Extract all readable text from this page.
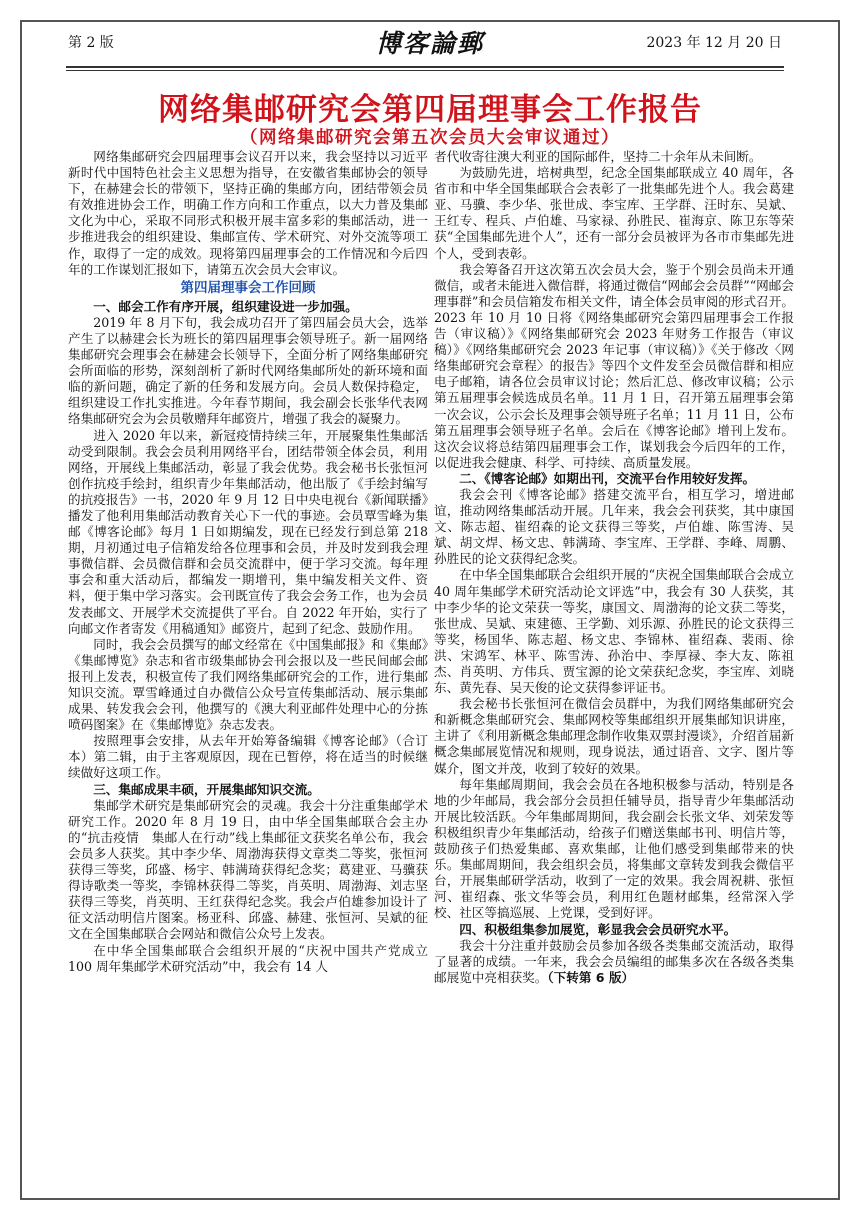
第 2 版	博客論郵	2023 年 12 月 20 日
网络集邮研究会第四届理事会工作报告
（网络集邮研究会第五次会员大会审议通过）

网络集邮研究会四届理事会议召开以来，我会坚持以习近平新时代中国特色社会主义思想为指导，在安徽省集邮协会的领导下，在赫建会长的带领下，坚持正确的集邮方向，团结带领会员有效推进协会工作，明确工作方向和工作重点，以大力普及集邮文化为中心，采取不同形式积极开展丰富多彩的集邮活动，进一步推进我会的组织建设、集邮宣传、学术研究、对外交流等项工作，取得了一定的成效。现将第四届理事会的工作情况和今后四年的工作谋划汇报如下，请第五次会员大会审议。

第四届理事会工作回顾

一、邮会工作有序开展，组织建设进一步加强。

2019 年 8 月下旬，我会成功召开了第四届会员大会，选举产生了以赫建会长为班长的第四届理事会领导班子。新一届网络集邮研究会理事会在赫建会长领导下，全面分析了网络集邮研究会所面临的形势，深刻剖析了新时代网络集邮所处的新环境和面临的新问题，确定了新的任务和发展方向。会员人数保持稳定，组织建设工作扎实推进。今年春节期间，我会副会长张华代表网络集邮研究会为会员敬赠拜年邮资片，增强了我会的凝聚力。

进入 2020 年以来，新冠疫情持续三年，开展聚集性集邮活动受到限制。我会会员利用网络平台，团结带领全体会员，利用网络，开展线上集邮活动，彰显了我会优势。我会秘书长张恒河创作抗疫手绘封，组织青少年集邮活动，他出版了《手绘封编写的抗疫报告》一书，2020 年 9 月 12 日中央电视台《新闻联播》播发了他利用集邮活动教育关心下一代的事迹。会员覃雪峰为集邮《博客论邮》每月 1 日如期编发，现在已经发行到总第 218 期，月初通过电子信箱发给各位理事和会员，并及时发到我会理事微信群、会员微信群和会员交流群中，便于学习交流。每年理事会和重大活动后，都编发一期增刊，集中编发相关文件、资料，便于集中学习落实。会刊既宣传了我会会务工作，也为会员发表邮文、开展学术交流提供了平台。自 2022 年开始，实行了向邮文作者寄发《用稿通知》邮资片，起到了纪念、鼓励作用。

同时，我会会员撰写的邮文经常在《中国集邮报》和《集邮》《集邮博览》杂志和省市级集邮协会刊会报以及一些民间邮会邮报刊上发表，积极宣传了我们网络集邮研究会的工作，进行集邮知识交流。覃雪峰通过自办微信公众号宣传集邮活动、展示集邮成果、转发我会会刊，他撰写的《澳大利亚邮件处理中心的分拣喷码图案》在《集邮博览》杂志发表。

按照理事会安排，从去年开始筹备编辑《博客论邮》（合订本）第二辑，由于主客观原因，现在已暂停，将在适当的时候继续做好这项工作。

三、集邮成果丰硕，开展集邮知识交流。

集邮学术研究是集邮研究会的灵魂。我会十分注重集邮学术研究工作。2020 年 8 月 19 日，由中华全国集邮联合会主办的“抗击疫情　集邮人在行动”线上集邮征文获奖名单公布，我会会员多人获奖。其中李少华、周渤海获得文章类二等奖，张恒河获得三等奖，邱盛、杨宇、韩满琦获得纪念奖；葛建亚、马骥获得诗歌类一等奖，李锦林获得二等奖，肖英明、周渤海、刘志坚获得三等奖，肖英明、王红获得纪念奖。我会卢伯雄参加设计了征文活动明信片图案。杨亚科、邱盛、赫建、张恒河、吴斌的征文在全国集邮联合会网站和微信公众号上发表。

在中华全国集邮联合会组织开展的“庆祝中国共产党成立 100 周年集邮学术研究活动”中，我会有 14 人

者代收寄往澳大利亚的国际邮件，坚持二十余年从未间断。

为鼓励先进，培树典型，纪念全国集邮联成立 40 周年，各省市和中华全国集邮联合会表彰了一批集邮先进个人。我会葛建亚、马骥、李少华、张世成、李宝库、王学群、汪时东、吴斌、王红专、程兵、卢伯雄、马家禄、孙胜民、崔海京、陈卫东等荣获“全国集邮先进个人”，还有一部分会员被评为各市市集邮先进个人，受到表彰。

我会筹备召开这次第五次会员大会，鉴于个别会员尚未开通微信，或者未能进入微信群，将通过微信“网邮会会员群”“网邮会理事群”和会员信箱发布相关文件，请全体会员审阅的形式召开。2023 年 10 月 10 日将《网络集邮研究会第四届理事会工作报告（审议稿）》《网络集邮研究会 2023 年财务工作报告（审议稿）》《网络集邮研究会 2023 年记事（审议稿）》《关于修改〈网络集邮研究会章程〉的报告》等四个文件发至会员微信群和相应电子邮箱，请各位会员审议讨论；然后汇总、修改审议稿；公示第五届理事会候选成员名单。11 月 1 日，召开第五届理事会第一次会议，公示会长及理事会领导班子名单；11 月 11 日，公布第五届理事会领导班子名单。会后在《博客论邮》增刊上发布。这次会议将总结第四届理事会工作，谋划我会今后四年的工作，以促进我会健康、科学、可持续、高质量发展。

二、《博客论邮》如期出刊，交流平台作用较好发挥。

我会会刊《博客论邮》搭建交流平台，相互学习，增进邮谊，推动网络集邮活动开展。几年来，我会会刊获奖，其中康国文、陈志超、崔绍森的论文获得三等奖，卢伯雄、陈雪涛、吴斌、胡文焊、杨文忠、韩满琦、李宝库、王学群、李峰、周鹏、孙胜民的论文获得纪念奖。

在中华全国集邮联合会组织开展的“庆祝全国集邮联合会成立 40 周年集邮学术研究活动论文评选”中，我会有 30 人获奖，其中李少华的论文荣获一等奖，康国文、周渤海的论文获二等奖，张世成、吴斌、束建德、王学勤、刘乐源、孙胜民的论文获得三等奖，杨国华、陈志超、杨文忠、李锦林、崔绍森、裴雨、徐洪、宋鸿军、林平、陈雪涛、孙治中、李厚禄、李大友、陈祖杰、肖英明、方伟兵、贾宝源的论文荣获纪念奖，李宝库、刘晓东、黄先春、吴天俊的论文获得参评证书。

我会秘书长张恒河在微信会员群中，为我们网络集邮研究会和新概念集邮研究会、集邮网校等集邮组织开展集邮知识讲座，主讲了《利用新概念集邮理念制作收集双票封漫谈》，介绍首届新概念集邮展览情况和规则，现身说法，通过语音、文字、图片等媒介，图文并茂，收到了较好的效果。

每年集邮周期间，我会会员在各地积极参与活动，特别是各地的少年邮局，我会部分会员担任辅导员，指导青少年集邮活动开展比较活跃。今年集邮周期间，我会副会长张文华、刘荣发等积极组织青少年集邮活动，给孩子们赠送集邮书刊、明信片等，鼓励孩子们热爱集邮、喜欢集邮，让他们感受到集邮带来的快乐。集邮周期间，我会组织会员，将集邮文章转发到我会微信平台，开展集邮研学活动，收到了一定的效果。我会周祝耕、张恒河、崔绍森、张文华等会员，利用红色题材邮集，经常深入学校、社区等搞巡展、上党课，受到好评。

四、积极组集参加展览，彰显我会会员研究水平。

我会十分注重并鼓励会员参加各级各类集邮交流活动，取得了显著的成绩。一年来，我会会员编组的邮集多次在各级各类集邮展览中亮相获奖。（下转第 6 版）
